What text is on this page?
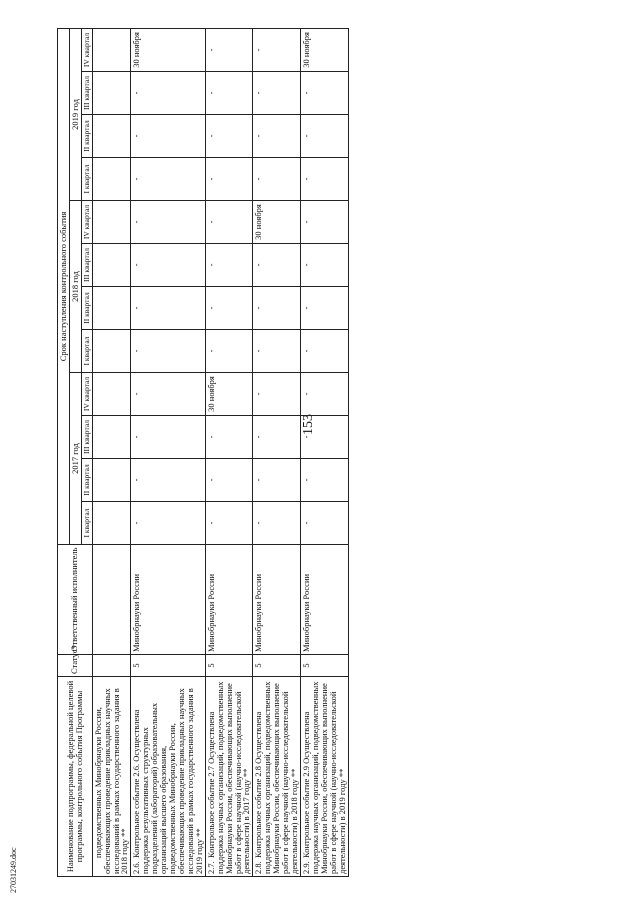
153
27031249.doc	Наименование подпрограммы, федеральной целевой программы, контрольного события Программы	Статус*	Ответственный исполнитель	Срок наступления контрольного события											
			2017 год				2018 год				2019 год			
			I квартал	II квартал	III квартал	IV квартал	I квартал	II квартал	III квартал	IV квартал	I квартал	II квартал	III квартал	IV квартал
подведомственных Минобрнауки России, обеспечивающих проведение прикладных научных исследований в рамках государственного задания в 2018 году **														
2.6.Контрольное событие 2.6. Осуществлена поддержка результативных структурных подразделений (лабораторий) образовательных организаций высшего образования, подведомственных Минобрнауки России, обеспечивающих проведение прикладных научных исследований в рамках государственного задания в 2019 году **	5	Минобрнауки России	-	-	-	-	-	-	-	-	-	-	-	30 ноября
2.7.Контрольное событие 2.7 Осуществлена поддержка научных организаций, подведомственных Минобрнауки России, обеспечивающих выполнение работ в сфере научной (научно-исследовательской деятельности) в 2017 году **	5	Минобрнауки России	-	-	-	30 ноября	-	-	-	-	-	-	-	-
2.8.Контрольное событие 2.8 Осуществлена поддержка научных организаций, подведомственных Минобрнауки России, обеспечивающих выполнение работ в сфере научной (научно-исследовательской деятельности) в 2018 году **	5	Минобрнауки России	-	-	-	-	-	-	-	30 ноября	-	-	-	-
2.9.Контрольное событие 2.9 Осуществлена поддержка научных организаций, подведомственных Минобрнауки России, обеспечивающих выполнение работ в сфере научной (научно-исследовательской деятельности) в 2019 году **	5	Минобрнауки России	-	-	-	-	-	-	-	-	-	-	-	30 ноября
